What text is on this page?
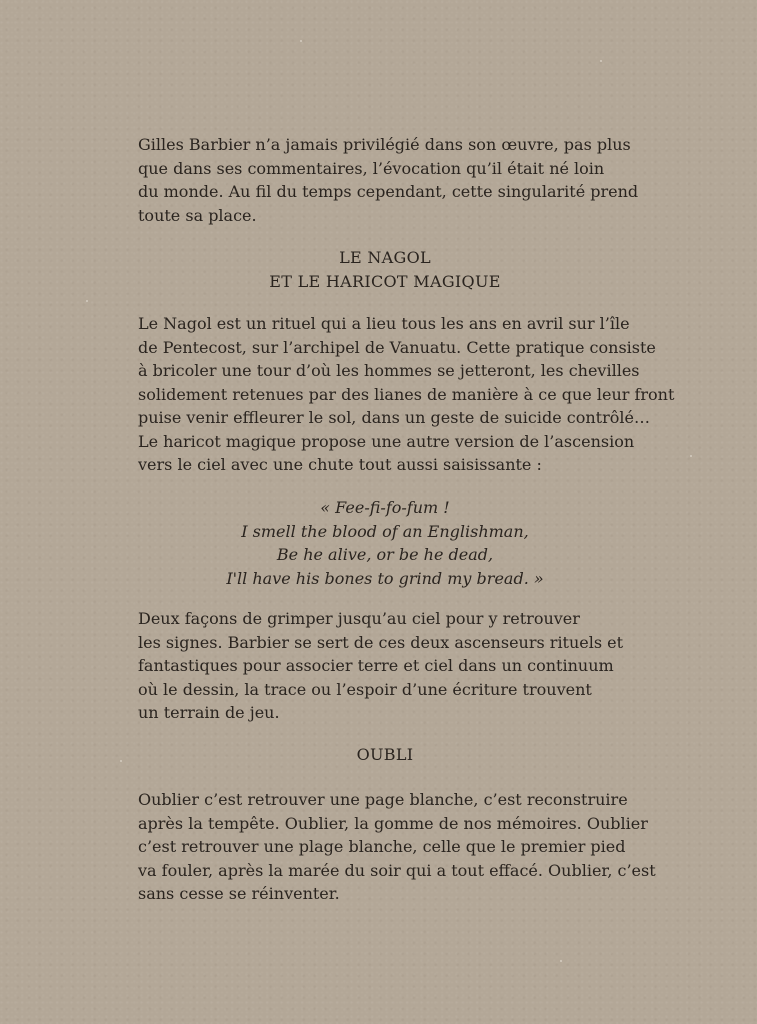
Gilles Barbier n’a jamais privilégié dans son œuvre, pas plus
que dans ses commentaires, l’évocation qu’il était né loin
du monde. Au fil du temps cependant, cette singularité prend
toute sa place.
LE NAGOL
ET LE HARICOT MAGIQUE
Le Nagol est un rituel qui a lieu tous les ans en avril sur l’île
de Pentecost, sur l’archipel de Vanuatu. Cette pratique consiste
à bricoler une tour d’où les hommes se jetteront, les chevilles
solidement retenues par des lianes de manière à ce que leur front
puise venir effleurer le sol, dans un geste de suicide contrôlé…
Le haricot magique propose une autre version de l’ascension
vers le ciel avec une chute tout aussi saisissante :
« Fee-fi-fo-fum !
I smell the blood of an Englishman,
Be he alive, or be he dead,
I'll have his bones to grind my bread. »
Deux façons de grimper jusqu’au ciel pour y retrouver
les signes. Barbier se sert de ces deux ascenseurs rituels et
fantastiques pour associer terre et ciel dans un continuum
où le dessin, la trace ou l’espoir d’une écriture trouvent
un terrain de jeu.
OUBLI
Oublier c’est retrouver une page blanche, c’est reconstruire
après la tempête. Oublier, la gomme de nos mémoires. Oublier
c’est retrouver une plage blanche, celle que le premier pied
va fouler, après la marée du soir qui a tout effacé. Oublier, c’est
sans cesse se réinventer.
